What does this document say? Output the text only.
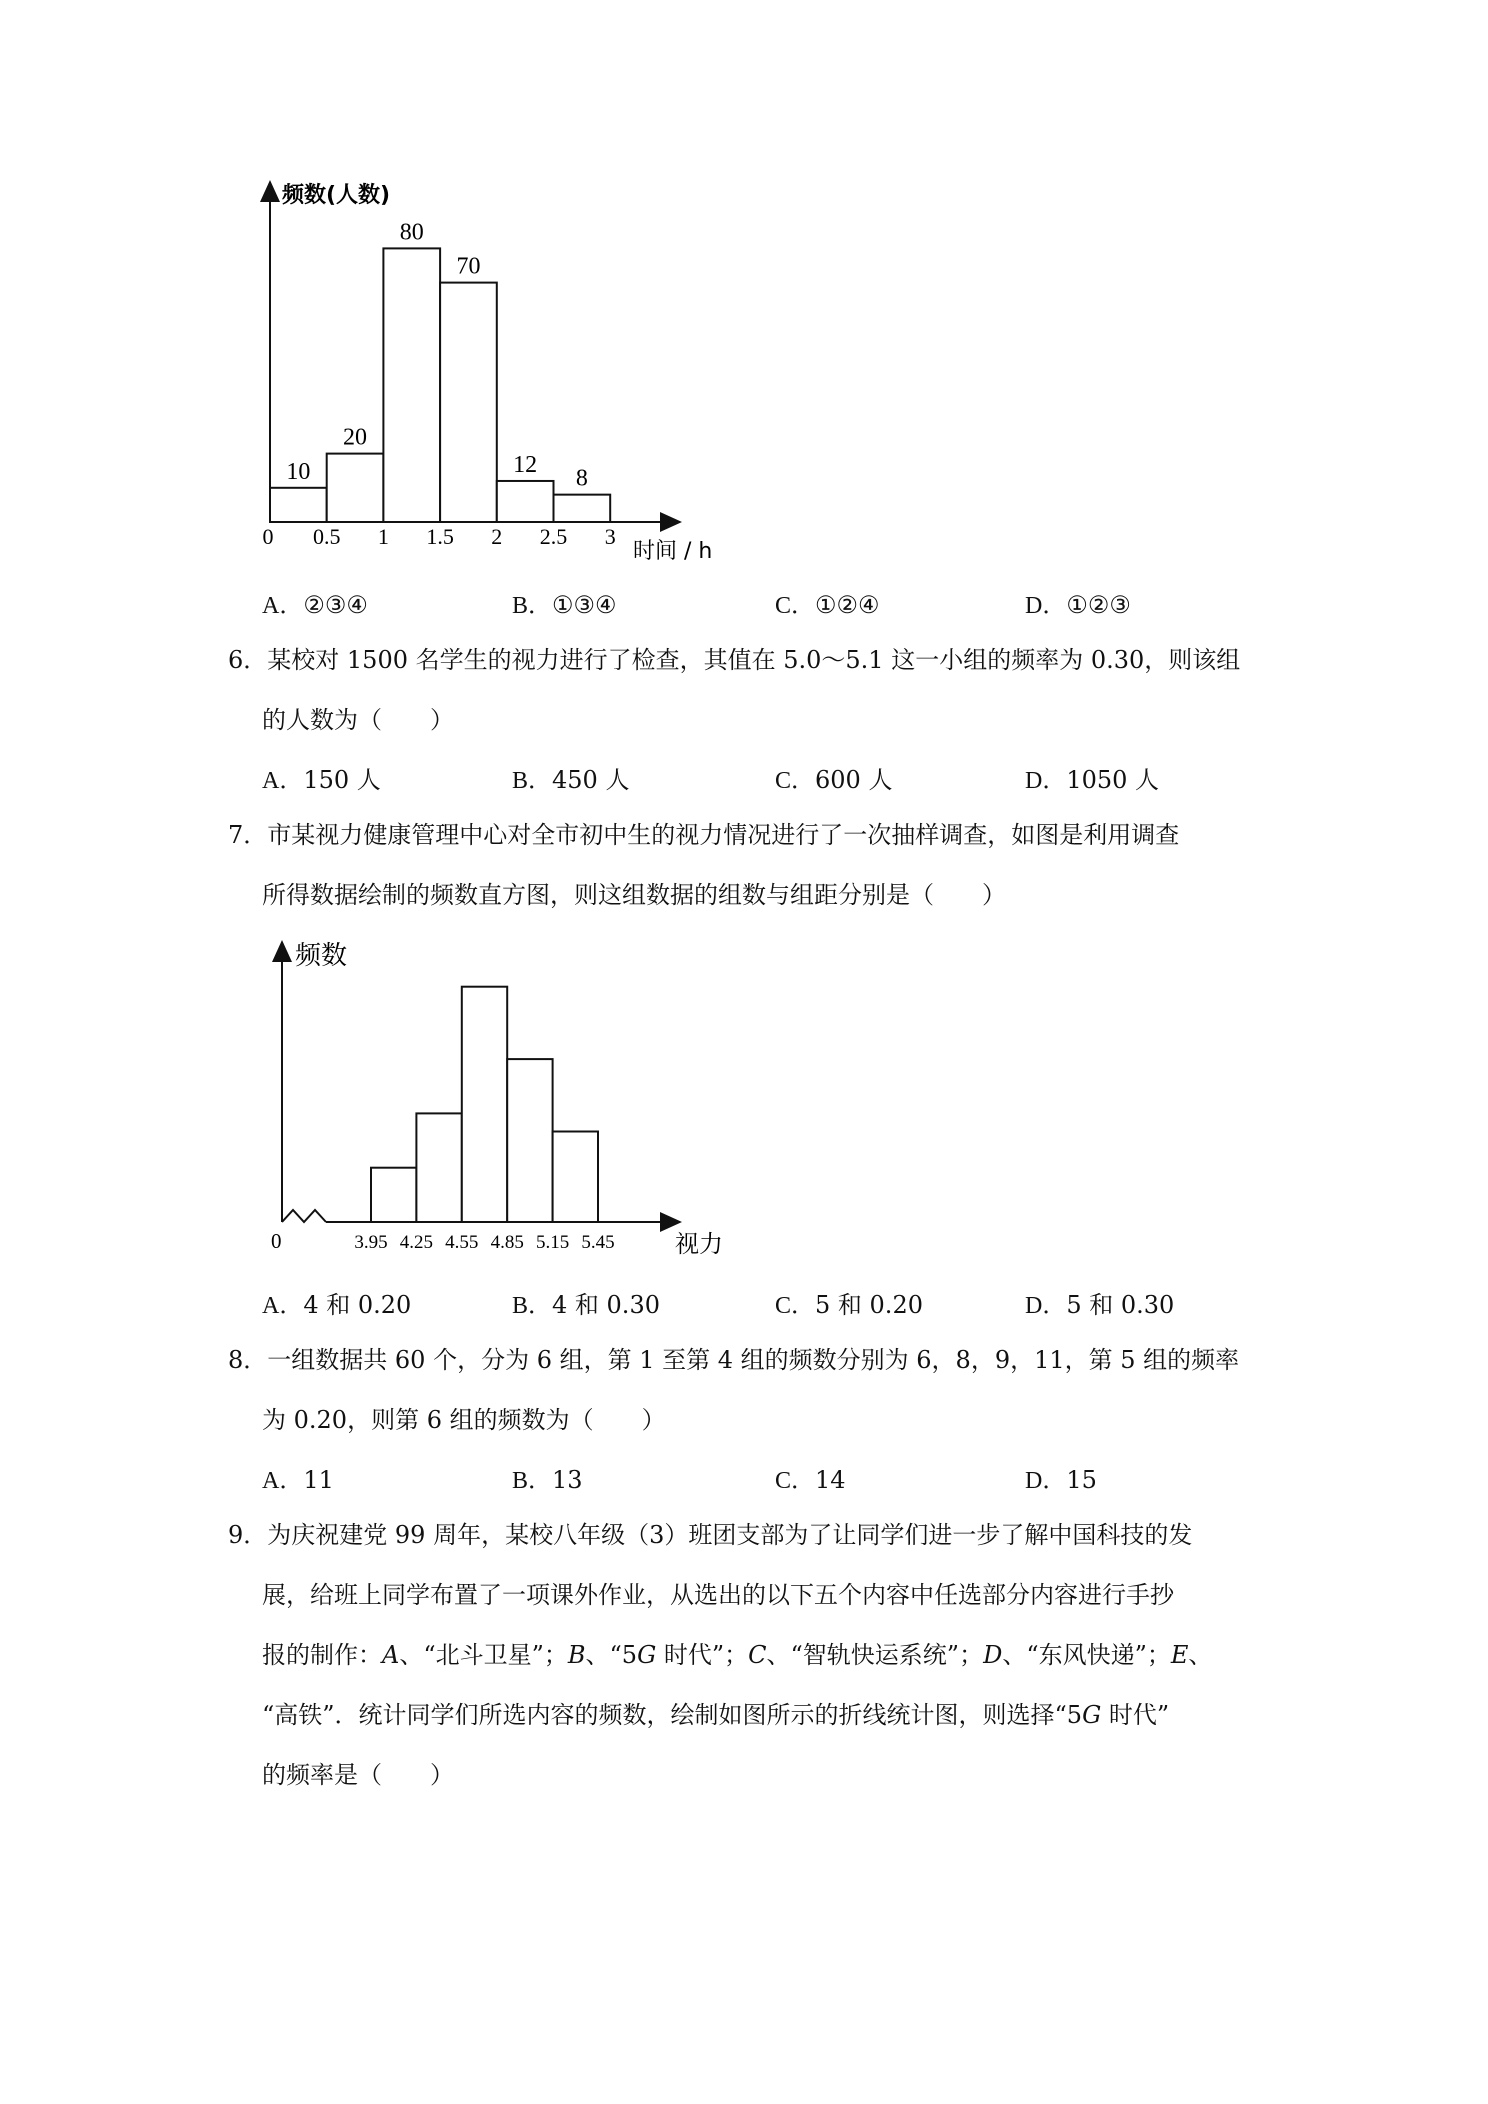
频数(人数)
时间 / h
10
20
80
70
12
8
0 0.5 1 1.5 2 2.5 3
A．②③④	B．①③④	C．①②④	D．①②③
6．某校对 1500 名学生的视力进行了检查，其值在 5.0～5.1 这一小组的频率为 0.30，则该组
的人数为（　　）
A．150 人	B．450 人	C．600 人	D．1050 人
7．市某视力健康管理中心对全市初中生的视力情况进行了一次抽样调查，如图是利用调查
所得数据绘制的频数直方图，则这组数据的组数与组距分别是（　　）
频数
视力
0	3.95 4.25 4.55 4.85 5.15 5.45
A．4 和 0.20	B．4 和 0.30	C．5 和 0.20	D．5 和 0.30
8．一组数据共 60 个，分为 6 组，第 1 至第 4 组的频数分别为 6，8，9，11，第 5 组的频率
为 0.20，则第 6 组的频数为（　　）
A．11	B．13	C．14	D．15
9．为庆祝建党 99 周年，某校八年级（3）班团支部为了让同学们进一步了解中国科技的发
展，给班上同学布置了一项课外作业，从选出的以下五个内容中任选部分内容进行手抄
报的制作：A、“北斗卫星”；B、“5G 时代”；C、“智轨快运系统”；D、“东风快递”；E、
“高铁”．统计同学们所选内容的频数，绘制如图所示的折线统计图，则选择“5G 时代”
的频率是（　　）
